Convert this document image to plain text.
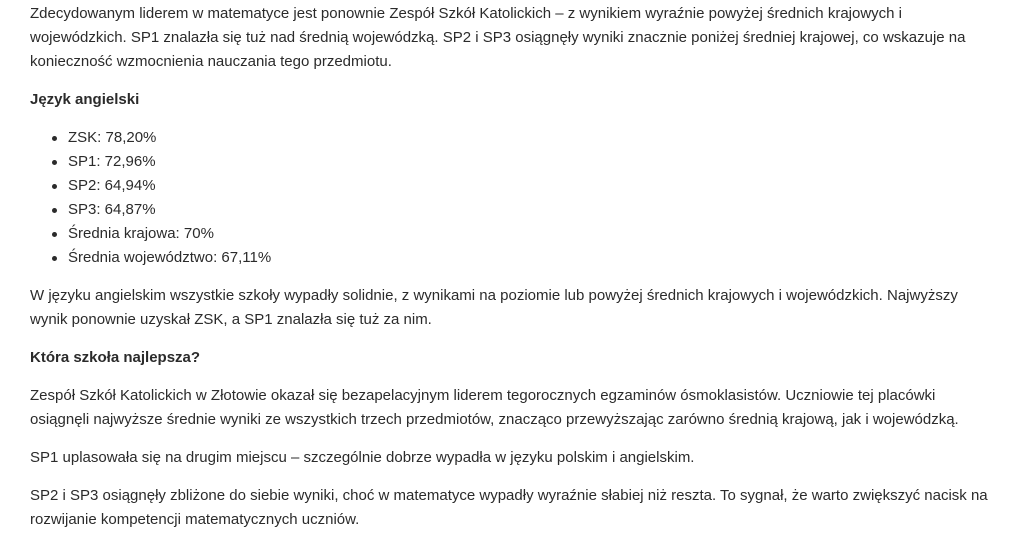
Zdecydowanym liderem w matematyce jest ponownie Zespół Szkół Katolickich – z wynikiem wyraźnie powyżej średnich krajowych i wojewódzkich. SP1 znalazła się tuż nad średnią wojewódzką. SP2 i SP3 osiągnęły wyniki znacznie poniżej średniej krajowej, co wskazuje na konieczność wzmocnienia nauczania tego przedmiotu.

Język angielski
ZSK: 78,20%
SP1: 72,96%
SP2: 64,94%
SP3: 64,87%
Średnia krajowa: 70%
Średnia województwo: 67,11%

W języku angielskim wszystkie szkoły wypadły solidnie, z wynikami na poziomie lub powyżej średnich krajowych i wojewódzkich. Najwyższy wynik ponownie uzyskał ZSK, a SP1 znalazła się tuż za nim.

Która szkoła najlepsza?

Zespół Szkół Katolickich w Złotowie okazał się bezapelacyjnym liderem tegorocznych egzaminów ósmoklasistów. Uczniowie tej placówki osiągnęli najwyższe średnie wyniki ze wszystkich trzech przedmiotów, znacząco przewyższając zarówno średnią krajową, jak i wojewódzką.

SP1 uplasowała się na drugim miejscu – szczególnie dobrze wypadła w języku polskim i angielskim.

SP2 i SP3 osiągnęły zbliżone do siebie wyniki, choć w matematyce wypadły wyraźnie słabiej niż reszta. To sygnał, że warto zwiększyć nacisk na rozwijanie kompetencji matematycznych uczniów.
